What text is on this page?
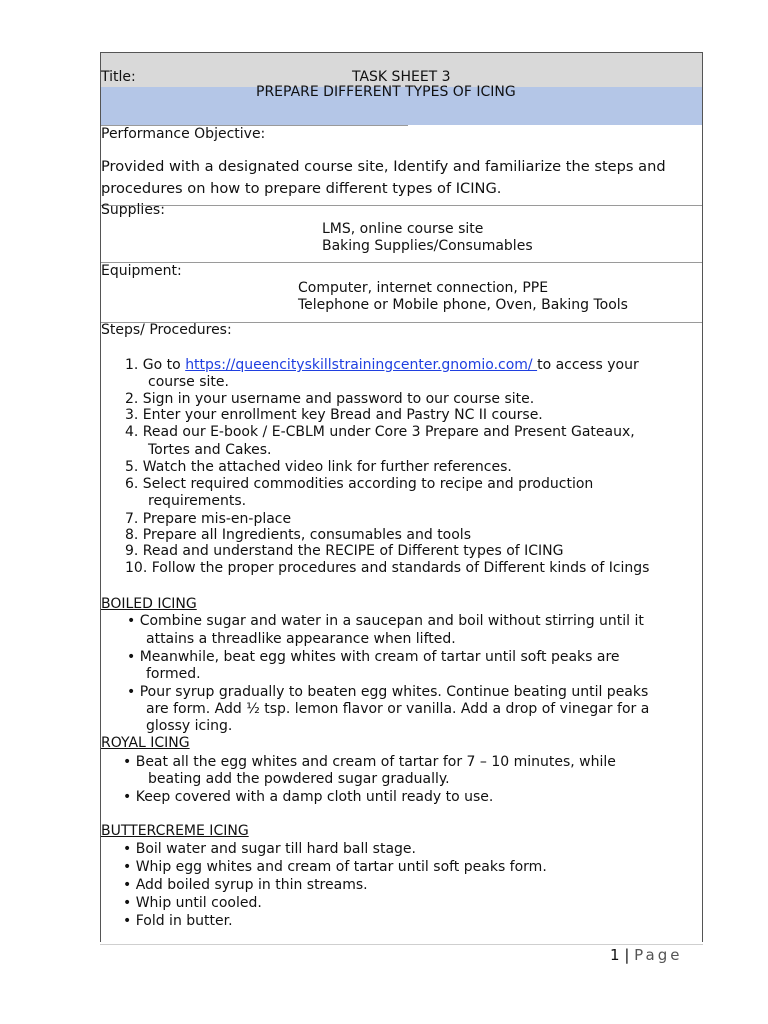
Title:	TASK SHEET 3
PREPARE DIFFERENT TYPES OF ICING
Performance Objective:
Provided with a designated course site, Identify and familiarize the steps and
procedures on how to prepare different types of ICING.
Supplies:
LMS, online course site
Baking Supplies/Consumables
Equipment:
Computer, internet connection, PPE
Telephone or Mobile phone, Oven, Baking Tools
Steps/ Procedures:
1. Go to https://queencityskillstrainingcenter.gnomio.com/ to access your
course site.
2. Sign in your username and password to our course site.
3. Enter your enrollment key Bread and Pastry NC II course.
4. Read our E-book / E-CBLM under Core 3 Prepare and Present Gateaux,
Tortes and Cakes.
5. Watch the attached video link for further references.
6. Select required commodities according to recipe and production
requirements.
7. Prepare mis-en-place
8. Prepare all Ingredients, consumables and tools
9. Read and understand the RECIPE of Different types of ICING
10. Follow the proper procedures and standards of Different kinds of Icings
BOILED ICING
• Combine sugar and water in a saucepan and boil without stirring until it
attains a threadlike appearance when lifted.
• Meanwhile, beat egg whites with cream of tartar until soft peaks are
formed.
• Pour syrup gradually to beaten egg whites. Continue beating until peaks
are form. Add ½ tsp. lemon flavor or vanilla. Add a drop of vinegar for a
glossy icing.
ROYAL ICING
• Beat all the egg whites and cream of tartar for 7 – 10 minutes, while
beating add the powdered sugar gradually.
• Keep covered with a damp cloth until ready to use.
BUTTERCREME ICING
• Boil water and sugar till hard ball stage.
• Whip egg whites and cream of tartar until soft peaks form.
• Add boiled syrup in thin streams.
• Whip until cooled.
• Fold in butter.
1 | Page
